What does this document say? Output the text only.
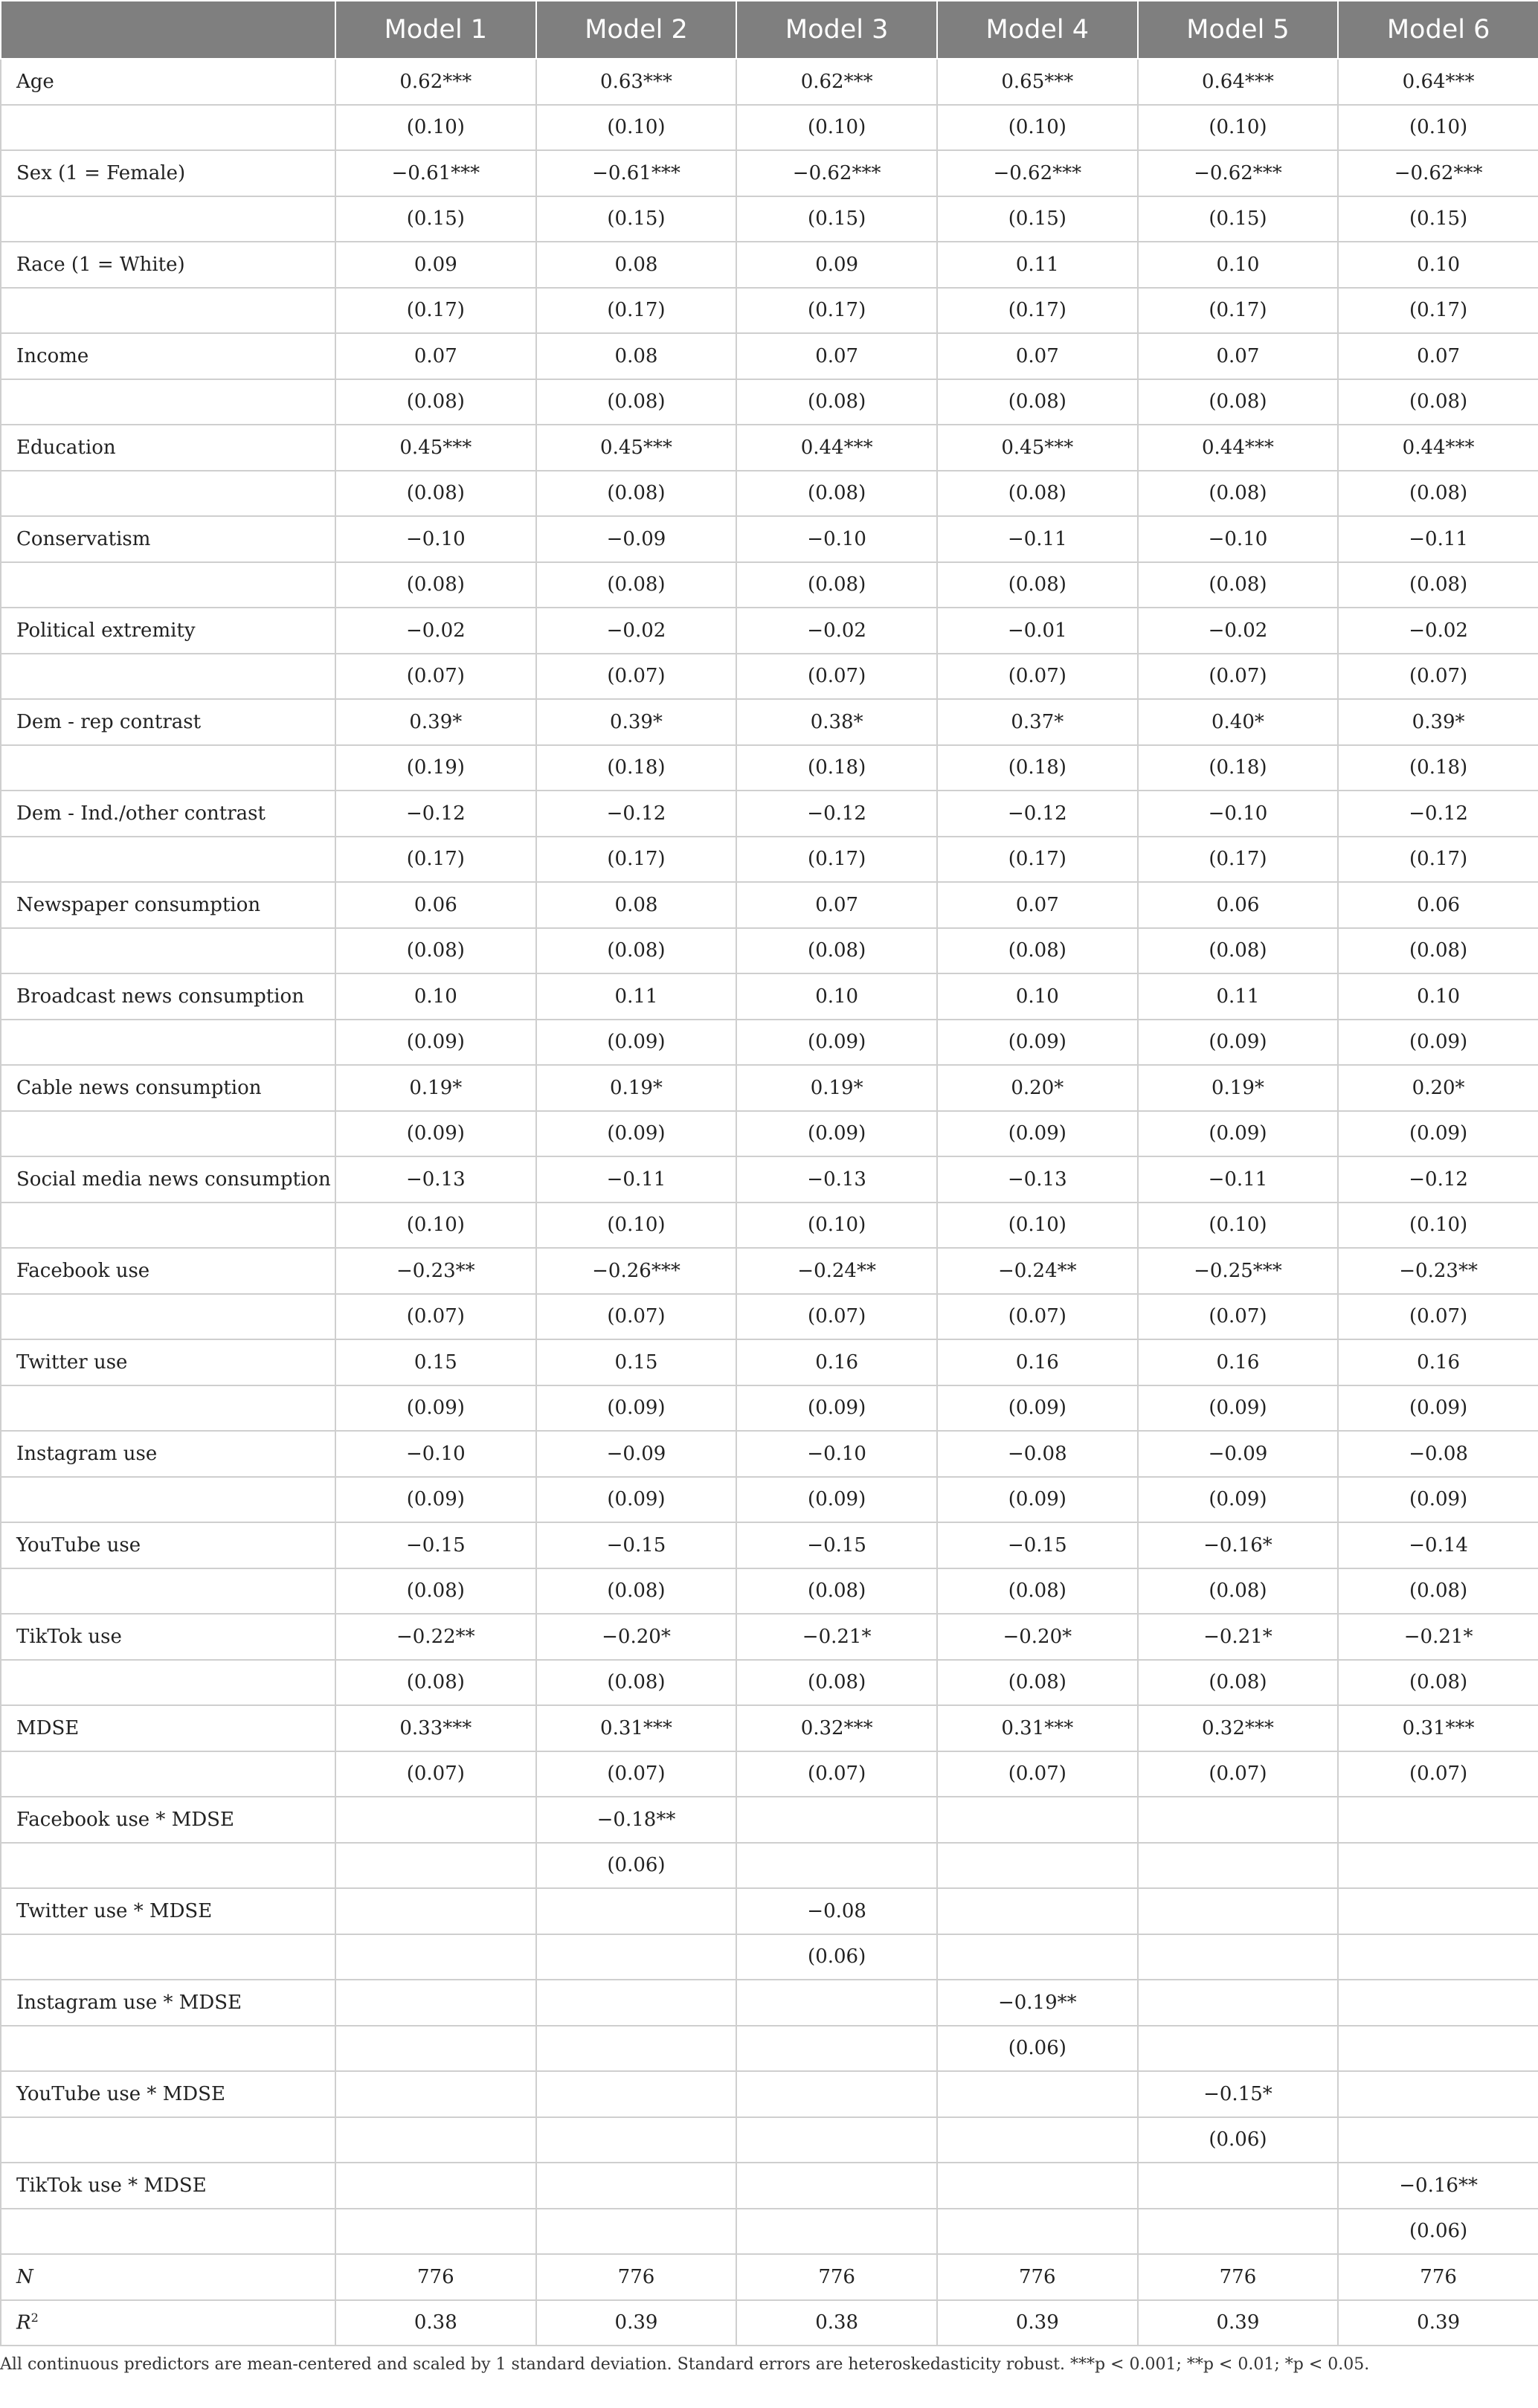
	Model 1	Model 2	Model 3	Model 4	Model 5	Model 6
Age	0.62***	0.63***	0.62***	0.65***	0.64***	0.64***
	(0.10)	(0.10)	(0.10)	(0.10)	(0.10)	(0.10)
Sex (1 = Female)	−0.61***	−0.61***	−0.62***	−0.62***	−0.62***	−0.62***
	(0.15)	(0.15)	(0.15)	(0.15)	(0.15)	(0.15)
Race (1 = White)	0.09	0.08	0.09	0.11	0.10	0.10
	(0.17)	(0.17)	(0.17)	(0.17)	(0.17)	(0.17)
Income	0.07	0.08	0.07	0.07	0.07	0.07
	(0.08)	(0.08)	(0.08)	(0.08)	(0.08)	(0.08)
Education	0.45***	0.45***	0.44***	0.45***	0.44***	0.44***
	(0.08)	(0.08)	(0.08)	(0.08)	(0.08)	(0.08)
Conservatism	−0.10	−0.09	−0.10	−0.11	−0.10	−0.11
	(0.08)	(0.08)	(0.08)	(0.08)	(0.08)	(0.08)
Political extremity	−0.02	−0.02	−0.02	−0.01	−0.02	−0.02
	(0.07)	(0.07)	(0.07)	(0.07)	(0.07)	(0.07)
Dem - rep contrast	0.39*	0.39*	0.38*	0.37*	0.40*	0.39*
	(0.19)	(0.18)	(0.18)	(0.18)	(0.18)	(0.18)
Dem - Ind./other contrast	−0.12	−0.12	−0.12	−0.12	−0.10	−0.12
	(0.17)	(0.17)	(0.17)	(0.17)	(0.17)	(0.17)
Newspaper consumption	0.06	0.08	0.07	0.07	0.06	0.06
	(0.08)	(0.08)	(0.08)	(0.08)	(0.08)	(0.08)
Broadcast news consumption	0.10	0.11	0.10	0.10	0.11	0.10
	(0.09)	(0.09)	(0.09)	(0.09)	(0.09)	(0.09)
Cable news consumption	0.19*	0.19*	0.19*	0.20*	0.19*	0.20*
	(0.09)	(0.09)	(0.09)	(0.09)	(0.09)	(0.09)
Social media news consumption	−0.13	−0.11	−0.13	−0.13	−0.11	−0.12
	(0.10)	(0.10)	(0.10)	(0.10)	(0.10)	(0.10)
Facebook use	−0.23**	−0.26***	−0.24**	−0.24**	−0.25***	−0.23**
	(0.07)	(0.07)	(0.07)	(0.07)	(0.07)	(0.07)
Twitter use	0.15	0.15	0.16	0.16	0.16	0.16
	(0.09)	(0.09)	(0.09)	(0.09)	(0.09)	(0.09)
Instagram use	−0.10	−0.09	−0.10	−0.08	−0.09	−0.08
	(0.09)	(0.09)	(0.09)	(0.09)	(0.09)	(0.09)
YouTube use	−0.15	−0.15	−0.15	−0.15	−0.16*	−0.14
	(0.08)	(0.08)	(0.08)	(0.08)	(0.08)	(0.08)
TikTok use	−0.22**	−0.20*	−0.21*	−0.20*	−0.21*	−0.21*
	(0.08)	(0.08)	(0.08)	(0.08)	(0.08)	(0.08)
MDSE	0.33***	0.31***	0.32***	0.31***	0.32***	0.31***
	(0.07)	(0.07)	(0.07)	(0.07)	(0.07)	(0.07)
Facebook use * MDSE		−0.18**				
		(0.06)				
Twitter use * MDSE			−0.08			
			(0.06)			
Instagram use * MDSE				−0.19**		
				(0.06)		
YouTube use * MDSE					−0.15*	
					(0.06)	
TikTok use * MDSE						−0.16**
						(0.06)
N	776	776	776	776	776	776
$R^2$	0.38	0.39	0.38	0.39	0.39	0.39
All continuous predictors are mean-centered and scaled by 1 standard deviation. Standard errors are heteroskedasticity robust. ***p < 0.001; **p < 0.01; *p < 0.05.
